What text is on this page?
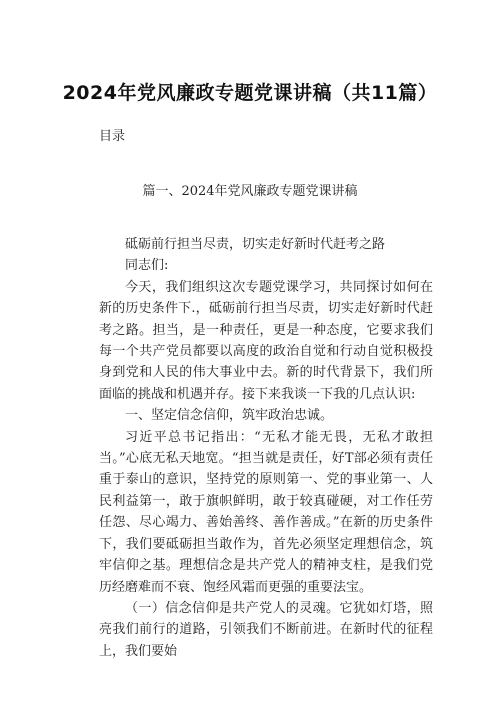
2024年党风廉政专题党课讲稿（共11篇）
目录
篇一、2024年党风廉政专题党课讲稿

砥砺前行担当尽责，切实走好新时代赶考之路

同志们:

今天，我们组织这次专题党课学习，共同探讨如何在新的历史条件下.，砥砺前行担当尽责，切实走好新时代赶考之路。担当，是一种责任，更是一种态度，它要求我们每一个共产党员都要以高度的政治自觉和行动自觉积极投身到党和人民的伟大事业中去。新的时代背景下，我们所面临的挑战和机遇并存。接下来我谈一下我的几点认识:

一、坚定信念信仰，筑牢政治忠诚。

习近平总书记指出：“无私才能无畏，无私才敢担当。”心底无私天地宽。“担当就是责任，好T部必须有责任重于泰山的意识，坚持党的原则第一、党的事业第一、人民利益第一，敢于旗帜鲜明，敢于较真碰硬，对工作任劳任怨、尽心竭力、善始善终、善作善成。”在新的历史条件下，我们要砥砺担当敢作为，首先必须坚定理想信念，筑牢信仰之基。理想信念是共产党人的精神支柱，是我们党历经磨难而不衰、饱经风霜而更强的重要法宝。

（一）信念信仰是共产党人的灵魂。它犹如灯塔，照亮我们前行的道路，引领我们不断前进。在新时代的征程上，我们要始
